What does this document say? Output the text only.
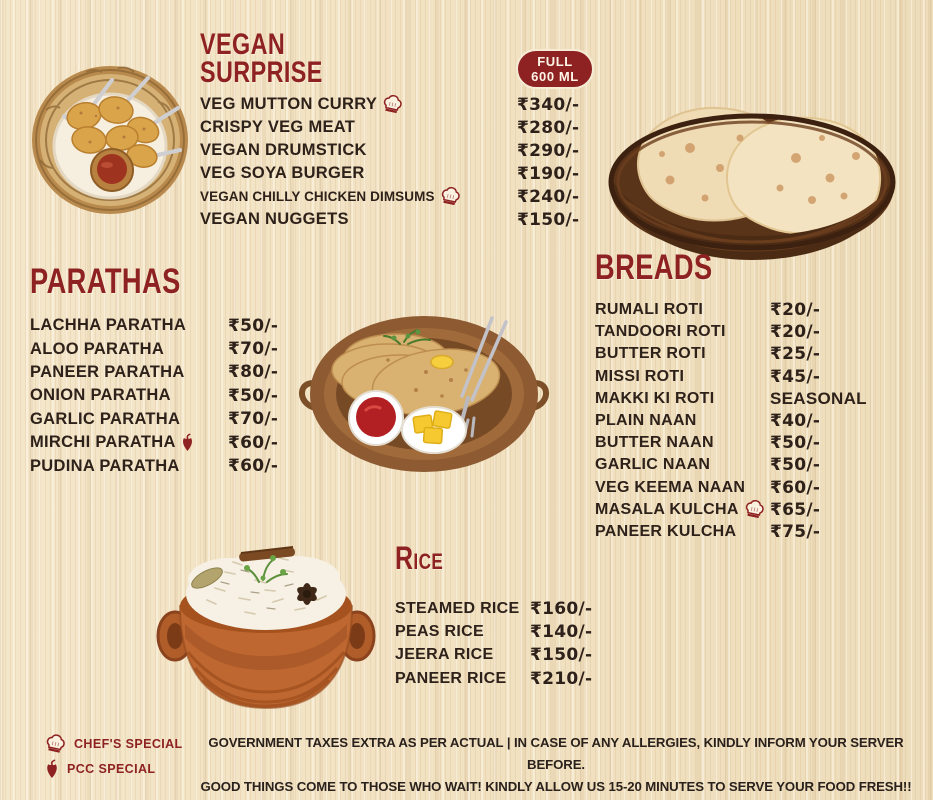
VEGAN
SURPRISE	FULL
600 ML
VEG MUTTON CURRY	₹340/-
CRISPY VEG MEAT	₹280/-
VEGAN DRUMSTICK	₹290/-
VEG SOYA BURGER	₹190/-
VEGAN CHILLY CHICKEN DIMSUMS	₹240/-
VEGAN NUGGETS	₹150/-
PARATHAS
LACHHA PARATHA ₹50/-
ALOO PARATHA	₹70/-
PANEER PARATHA	₹80/-
ONION PARATHA	₹50/-
GARLIC PARATHA	₹70/-
MIRCHI PARATHA	₹60/-
PUDINA PARATHA	₹60/-
BREADS
RUMALI ROTI	₹20/-
TANDOORI ROTI	₹20/-
BUTTER ROTI	₹25/-
MISSI ROTI	₹45/-
MAKKI KI ROTI	SEASONAL
PLAIN NAAN	₹40/-
BUTTER NAAN	₹50/-
GARLIC NAAN	₹50/-
VEG KEEMA NAAN ₹60/-
MASALA KULCHA ₹65/-
PANEER KULCHA ₹75/-
Rice
STEAMED RICE ₹160/-
PEAS RICE	₹140/-
JEERA RICE ₹150/-
PANEER RICE ₹210/-
CHEF'S SPECIAL
PCC SPECIAL
GOVERNMENT TAXES EXTRA AS PER ACTUAL | IN CASE OF ANY ALLERGIES, KINDLY INFORM YOUR SERVER BEFORE.
GOOD THINGS COME TO THOSE WHO WAIT! KINDLY ALLOW US 15-20 MINUTES TO SERVE YOUR FOOD FRESH!!
